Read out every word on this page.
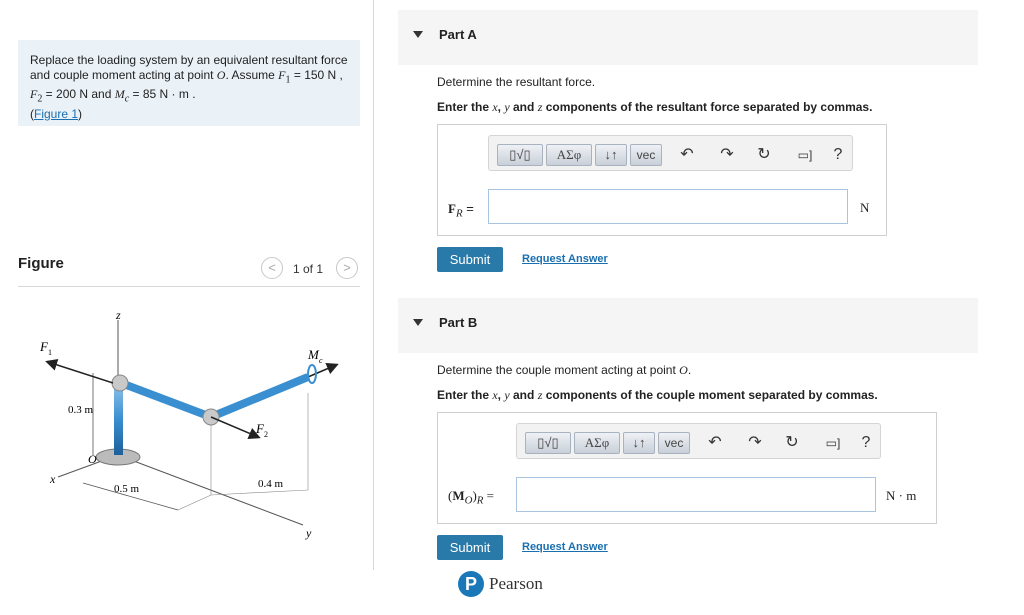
Replace the loading system by an equivalent resultant force and couple moment acting at point O. Assume $F_1 = 150$ N , $F_2 = 200$ N and $M_c = 85$ N · m .
(Figure 1)
Figure	<	1 of 1	>
z
x
y
F 1
F 2
M c
O
0.3 m
0.5 m	0.4 m
Part A
Determine the resultant force.
Enter the x, y and z components of the resultant force separated by commas.
▯√▯	ΑΣφ	↓↑	vec	↶ ↷ ↻	▭]	?
$F_R$ =	N
Submit	Request Answer
Part B
Determine the couple moment acting at point O.
Enter the x, y and z components of the couple moment separated by commas.
▯√▯	ΑΣφ	↓↑	vec	↶ ↷ ↻	▭]	?
$(M_O)_R$ =	N · m
Submit	Request Answer
P Pearson
